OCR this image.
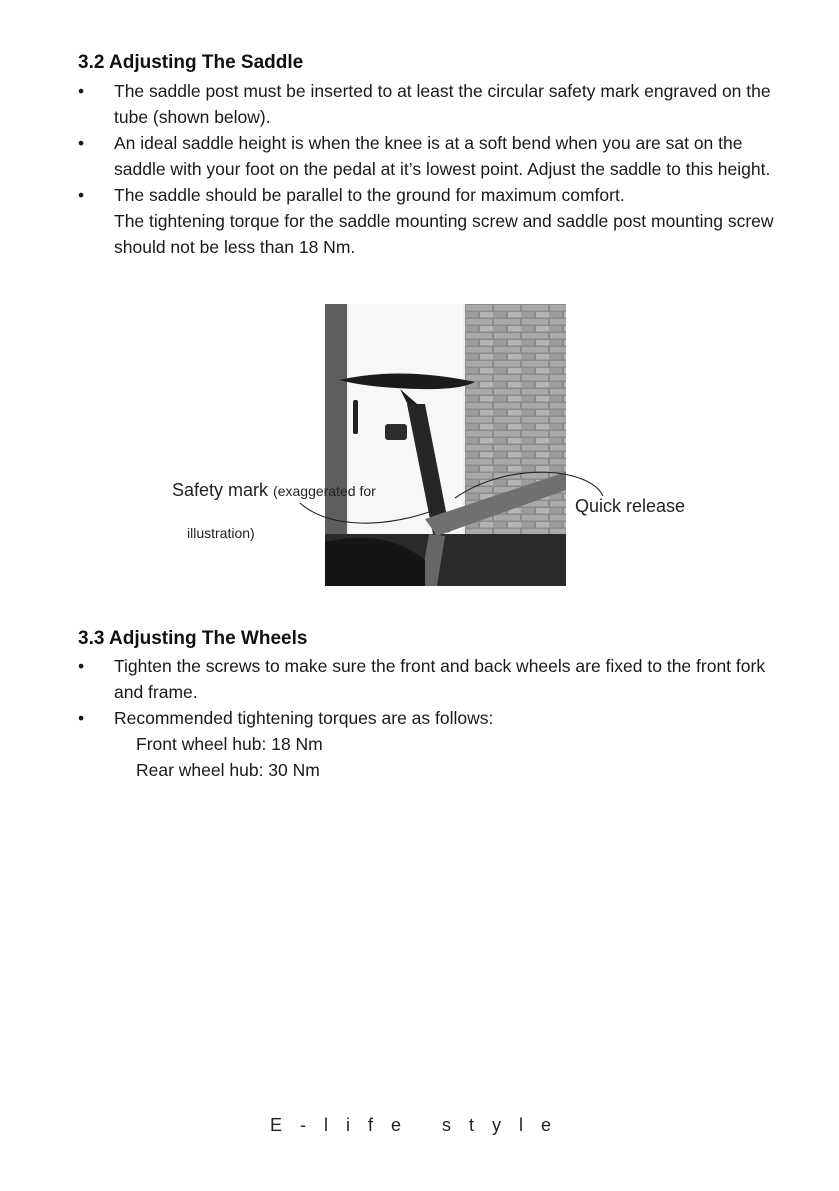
3.2 Adjusting The Saddle
• The saddle post must be inserted to at least the circular safety mark engraved on the tube (shown below).

• An ideal saddle height is when the knee is at a soft bend when you are sat on the saddle with your foot on the pedal at it’s lowest point. Adjust the saddle to this height.

• The saddle should be parallel to the ground for maximum comfort.

The tightening torque for the saddle mounting screw and saddle post mounting screw should not be less than 18 Nm.

Safety mark (exaggerated for
illustration)
Quick release
3.3 Adjusting The Wheels
• Tighten the screws to make sure the front and back wheels are fixed to the front fork and frame.

• Recommended tightening torques are as follows:

Front wheel hub: 18 Nm

Rear wheel hub: 30 Nm

E-life style
